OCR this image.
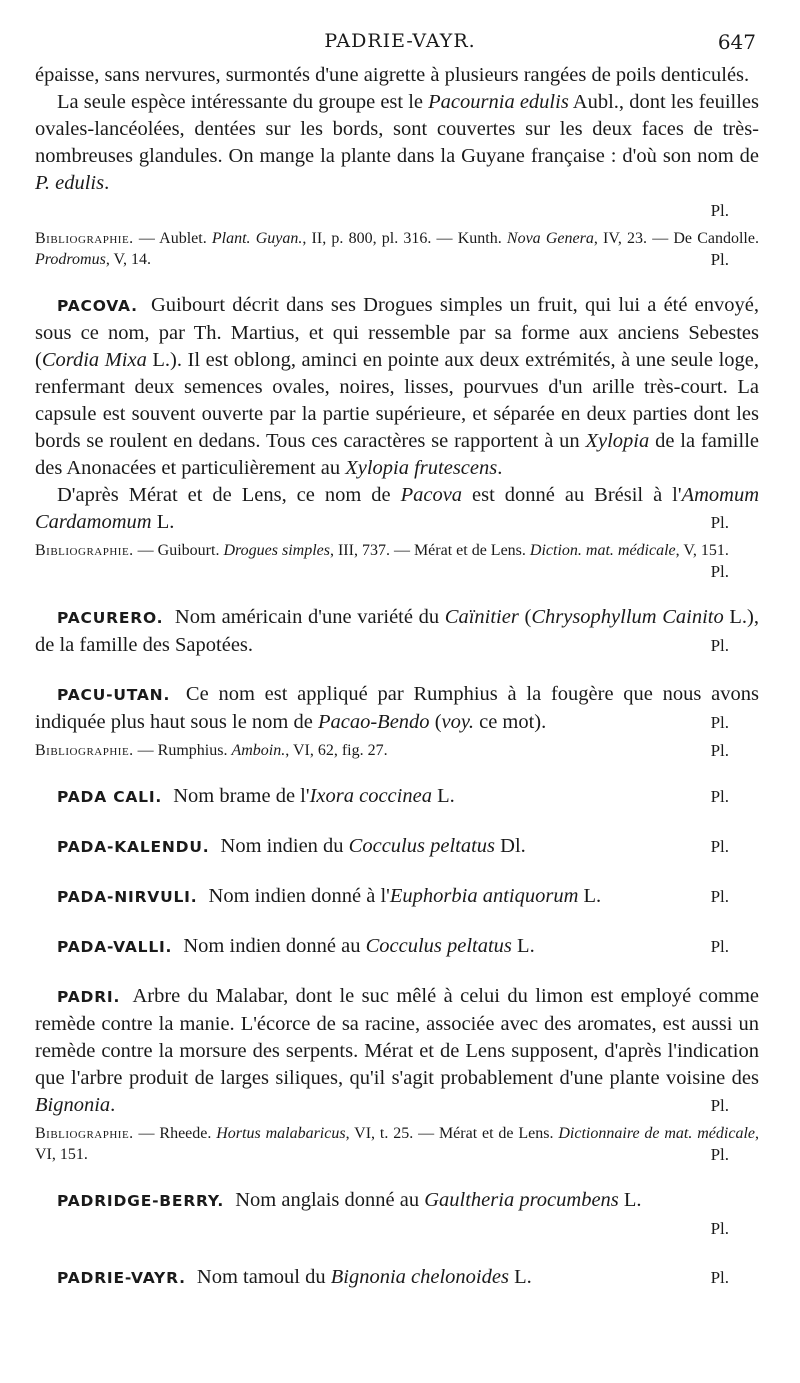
PADRIE-VAYR.	647

épaisse, sans nervures, surmontés d'une aigrette à plusieurs rangées de poils denticulés.

La seule espèce intéressante du groupe est le Pacournia edulis Aubl., dont les feuilles ovales-lancéolées, dentées sur les bords, sont couvertes sur les deux faces de très-nombreuses glandules. On mange la plante dans la Guyane française : d'où son nom de P. edulis.

Pl.

Bibliographie. — Aublet. Plant. Guyan., II, p. 800, pl. 316. — Kunth. Nova Genera, IV, 23. — De Candolle. Prodromus, V, 14.	Pl.

PACOVA. Guibourt décrit dans ses Drogues simples un fruit, qui lui a été envoyé, sous ce nom, par Th. Martius, et qui ressemble par sa forme aux anciens Sebestes (Cordia Mixa L.). Il est oblong, aminci en pointe aux deux extrémités, à une seule loge, renfermant deux semences ovales, noires, lisses, pourvues d'un arille très-court. La capsule est souvent ouverte par la partie supérieure, et séparée en deux parties dont les bords se roulent en dedans. Tous ces caractères se rapportent à un Xylopia de la famille des Anonacées et particulièrement au Xylopia frutescens.

D'après Mérat et de Lens, ce nom de Pacova est donné au Brésil à l'Amomum Cardamomum L.	Pl.

Bibliographie. — Guibourt. Drogues simples, III, 737. — Mérat et de Lens. Diction. mat. médicale, V, 151.
Pl.

PACURERO. Nom américain d'une variété du Caïnitier (Chrysophyllum Cainito L.), de la famille des Sapotées.	Pl.

PACU-UTAN. Ce nom est appliqué par Rumphius à la fougère que nous avons indiquée plus haut sous le nom de Pacao-Bendo (voy. ce mot).	Pl.

Bibliographie. — Rumphius. Amboin., VI, 62, fig. 27.	Pl.

PADA CALI. Nom brame de l'Ixora coccinea L.	Pl.

PADA-KALENDU. Nom indien du Cocculus peltatus Dl.	Pl.

PADA-NIRVULI. Nom indien donné à l'Euphorbia antiquorum L.	Pl.

PADA-VALLI. Nom indien donné au Cocculus peltatus L.	Pl.

PADRI. Arbre du Malabar, dont le suc mêlé à celui du limon est employé comme remède contre la manie. L'écorce de sa racine, associée avec des aromates, est aussi un remède contre la morsure des serpents. Mérat et de Lens supposent, d'après l'indication que l'arbre produit de larges siliques, qu'il s'agit probablement d'une plante voisine des Bignonia.	Pl.

Bibliographie. — Rheede. Hortus malabaricus, VI, t. 25. — Mérat et de Lens. Dictionnaire de mat. médicale, VI, 151.	Pl.

PADRIDGE-BERRY. Nom anglais donné au Gaultheria procumbens L.

Pl.

PADRIE-VAYR. Nom tamoul du Bignonia chelonoides L.	Pl.
